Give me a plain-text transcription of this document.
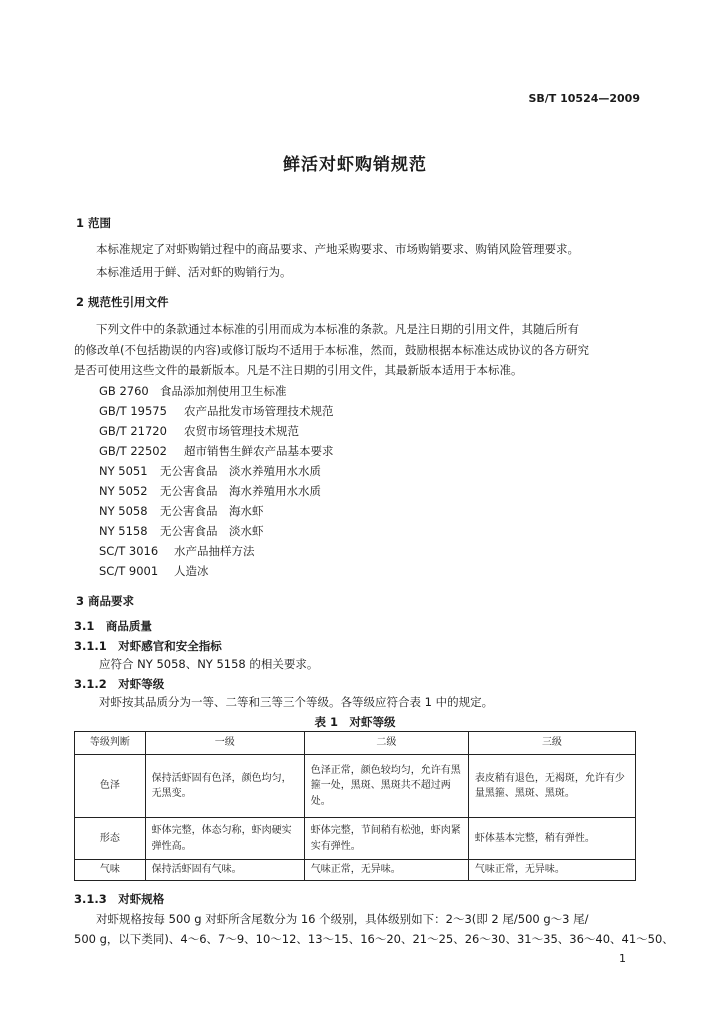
SB/T 10524—2009
鲜活对虾购销规范
1 范围
本标准规定了对虾购销过程中的商品要求、产地采购要求、市场购销要求、购销风险管理要求。
本标准适用于鲜、活对虾的购销行为。
2 规范性引用文件
下列文件中的条款通过本标准的引用而成为本标准的条款。凡是注日期的引用文件，其随后所有
的修改单(不包括勘误的内容)或修订版均不适用于本标准，然而，鼓励根据本标准达成协议的各方研究
是否可使用这些文件的最新版本。凡是不注日期的引用文件，其最新版本适用于本标准。
GB 2760 食品添加剂使用卫生标准
GB/T 19575 农产品批发市场管理技术规范
GB/T 21720 农贸市场管理技术规范
GB/T 22502 超市销售生鲜农产品基本要求
NY 5051 无公害食品　淡水养殖用水水质
NY 5052 无公害食品　海水养殖用水水质
NY 5058 无公害食品　海水虾
NY 5158 无公害食品　淡水虾
SC/T 3016 水产品抽样方法
SC/T 9001 人造冰
3 商品要求
3.1　商品质量
3.1.1　对虾感官和安全指标
应符合 NY 5058、NY 5158 的相关要求。
3.1.2　对虾等级
对虾按其品质分为一等、二等和三等三个等级。各等级应符合表 1 中的规定。
表 1　对虾等级
等级判断	一级	二级	三级
色泽	保持活虾固有色泽，颜色均匀，无黑变。	色泽正常，颜色较均匀，允许有黑箍一处，黑斑、黑斑共不超过两处。	表皮稍有退色，无褐斑，允许有少量黑箍、黑斑、黑斑。
形态	虾体完整，体态匀称，虾肉硬实弹性高。	虾体完整，节间稍有松弛，虾肉紧实有弹性。	虾体基本完整，稍有弹性。
气味	保持活虾固有气味。	气味正常，无异味。	气味正常，无异味。
3.1.3　对虾规格
对虾规格按每 500 g 对虾所含尾数分为 16 个级别，具体级别如下：2～3(即 2 尾/500 g～3 尾/
500 g，以下类同)、4～6、7～9、10～12、13～15、16～20、21～25、26～30、31～35、36～40、41～50、
1
